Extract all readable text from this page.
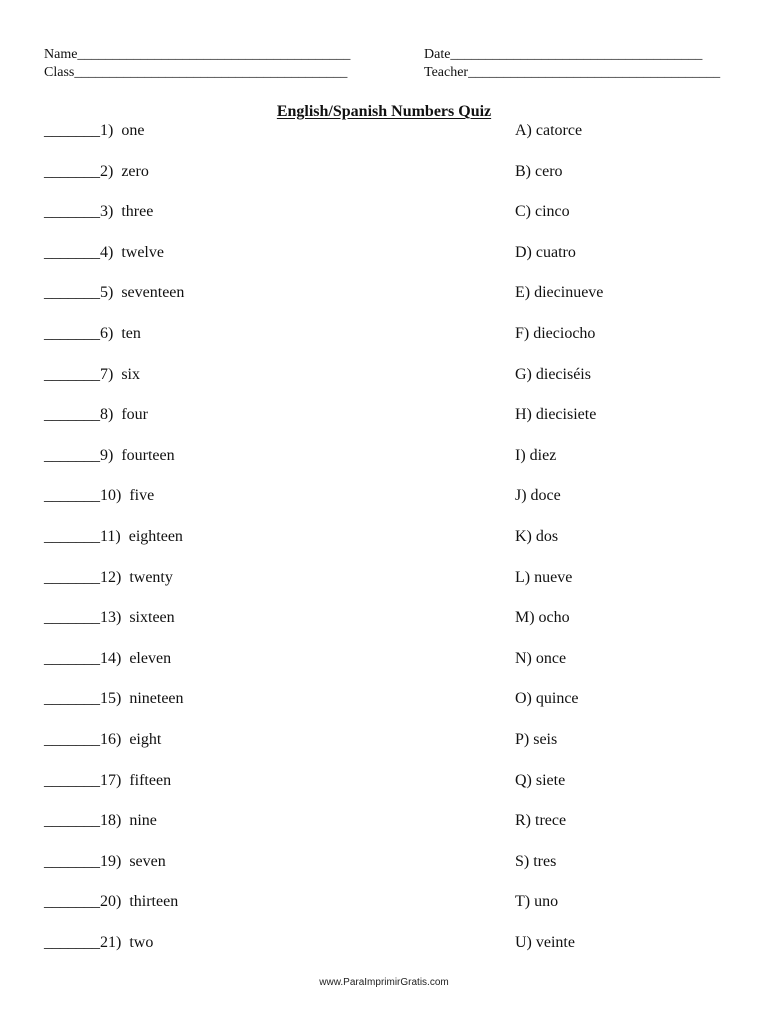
Name_______________________________________	Date____________________________________
Class_______________________________________	Teacher____________________________________
English/Spanish Numbers Quiz
_______1)  one
_______2)  zero
_______3)  three
_______4)  twelve
_______5)  seventeen
_______6)  ten
_______7)  six
_______8)  four
_______9)  fourteen
_______10)  five
_______11)  eighteen
_______12)  twenty
_______13)  sixteen
_______14)  eleven
_______15)  nineteen
_______16)  eight
_______17)  fifteen
_______18)  nine
_______19)  seven
_______20)  thirteen
_______21)  two
A) catorce
B) cero
C) cinco
D) cuatro
E) diecinueve
F) dieciocho
G) dieciséis
H) diecisiete
I) diez
J) doce
K) dos
L) nueve
M) ocho
N) once
O) quince
P) seis
Q) siete
R) trece
S) tres
T) uno
U) veinte
www.ParaImprimirGratis.com
